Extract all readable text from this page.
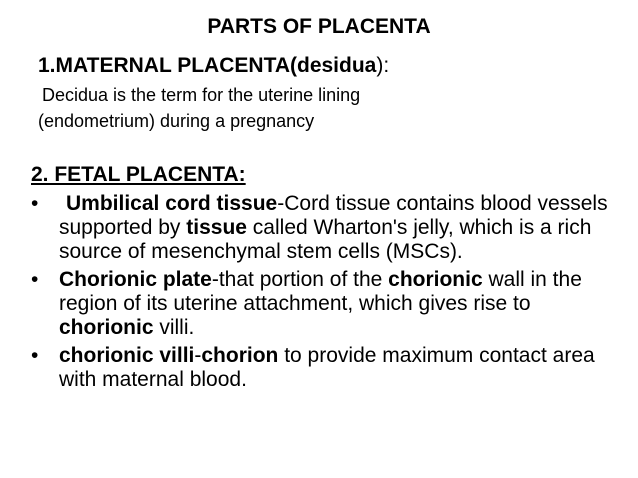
PARTS OF PLACENTA
1.MATERNAL PLACENTA(desidua):
Decidua is the term for the uterine lining
(endometrium) during a pregnancy
2. FETAL PLACENTA:
• Umbilical cord tissue-Cord tissue contains blood vessels supported by tissue called Wharton's jelly, which is a rich source of mesenchymal stem cells (MSCs).
• Chorionic plate-that portion of the chorionic wall in the region of its uterine attachment, which gives rise to chorionic villi.
• chorionic villi-chorion to provide maximum contact area with maternal blood.
